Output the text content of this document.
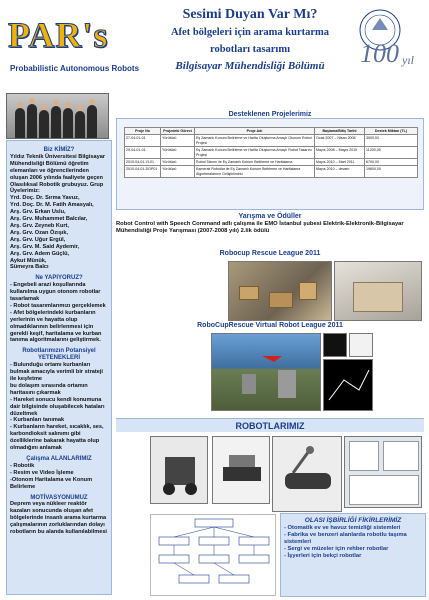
PAR's
Probabilistic Autonomous Robots
Sesimi Duyan Var Mı?
Afet bölgeleri için arama kurtarma
robotları tasarımı
Bilgisayar Mühendisliği Bölümü	100 yıl
Biz KİMİZ?

Yıldız Teknik Üniversitesi Bilgisayar Mühendisliği Bölümü öğretim elemanları ve öğrencilerinden oluşan 2006 yılında faaliyete geçen Olasılıksal Robotik grubuyuz. Grup Üyelerimiz:

Yrd. Doç. Dr. Sırma Yavuz,

Yrd. Doç. Dr. M. Fatih Amasyalı,

Arş. Grv. Erkan Uslu,

Arş. Grv. Muhammet Balcılar,

Arş. Grv. Zeyneb Kurt,

Arş. Grv. Ozan Özışık,

Arş. Grv. Uğur Ergül,

Arş. Grv. M. Said Aydemir,

Arş. Grv. Adem Güçlü,

Aykut Münük,

Sümeyra Balcı

Ne YAPIYORUZ?

- Engebeli arazi koşullarında kullanılma uygun otonom robotlar tasarlamak

- Robot tasarımlarımızı gerçeklemek

- Afet bölgelerindeki kurbanların yerlerinin ve hayatta olup olmadıklarının belirlenmesi için gerekli keşif, haritalama ve kurban tanıma algoritmalarını geliştirmek.

Robotlarımızın Potansiyel YETENEKLERİ

- Bulunduğu ortamı kurbanları bulmak amacıyla verimli bir strateji ile keşfetme

bu dolaşım sırasında ortamın haritasını çıkarmak

- Hareket sonucu kendi konumuna dair bilgisinde oluşabilecek hataları düzeltmek

- Kurbanları tanımak

- Kurbanların hareket, sıcaklık, ses, karbondioksit salınımı gibi özelliklerine bakarak hayatta olup olmadığını anlamak

Çalışma ALANLARIMIZ

- Robotik

- Resim ve Video İşleme

-Otonom Haritalama ve Konum Belirleme

MOTİVASYONUMUZ

Deprem veya nükleer reaktör kazaları sonucunda oluşan afet bölgelerinde insanlı arama kurtarma çalışmalarının zorluklarından dolayı robotların bu alanda kullanılabilmesi

Desteklenen Projelerimiz
Proje No	Projedeki Görevi	Proje Adı	Başlama/Bitiş Tarihi	Destek Miktarı (TL)
27-04-01-01	Yürütücü	Eş Zamanlı Konum Belirleme ve Harita Oluşturma Amaçlı Otonom Robot Projesi	Ocak 2007 – Nisan 2008	3500,00
29-04-01-01	Yürütücü	Eş Zamanlı Konum Belirleme ve Harita Oluşturma Amaçlı Robot Tasarım Projesi	Mayıs 2008 – Mayıs 2010	11200,00
2010-04-01-YL01	Yürütücü	Robot Takımı ile Eş Zamanlı Konum Belirleme ve Haritalama	Mayıs 2010 – Mart 2011	6700,00
2010-04-01-DOP01	Yürütücü	Kameralı Robotlar ile Eş Zamanlı Konum Belirleme ve Haritalama Algoritmalarının Geliştirilmesi	Mayıs 2010 – devam	19600,00
Yarışma ve Ödüller
Robot Control with Speech Command adlı çalışma ile EMO İstanbul şubesi Elektrik-Elektronik-Bilgisayar Mühendisliği Proje Yarışması (2007-2008 yılı) 2.lik ödülü
Robocup Rescue League 2011
RoboCupRescue Virtual Robot League 2011
ROBOTLARIMIZ
OLASI İŞBİRLİĞİ FİKİRLERİMİZ
- Otomatik ev ve havuz temizliği sistemleri
- Fabrika ve benzeri alanlarda robotlu taşıma sistemleri
- Sergi ve müzeler için rehber robotlar
- İşyerleri için bekçi robotlar
